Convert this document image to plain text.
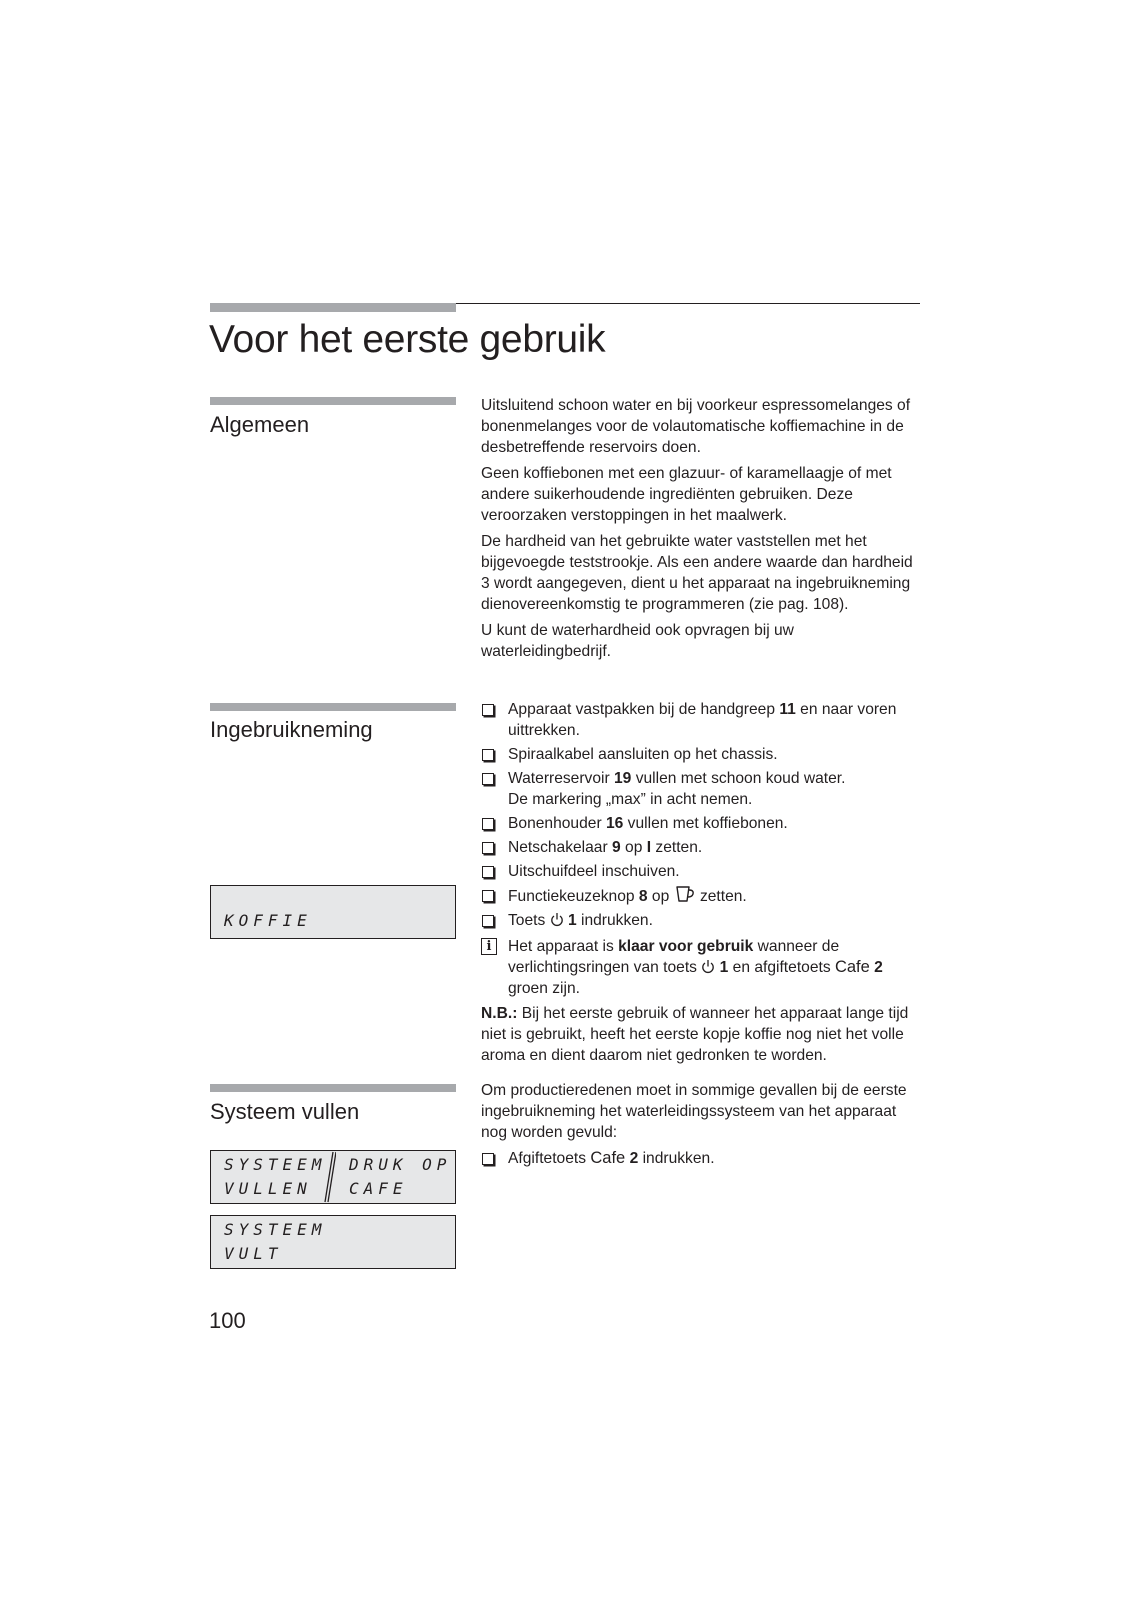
Voor het eerste gebruik
Algemeen

Uitsluitend schoon water en bij voorkeur espressomelanges of bonenmelanges voor de volautomatische koffiemachine in de desbetreffende reservoirs doen.

Geen koffiebonen met een glazuur- of karamellaagje of met andere suikerhoudende ingrediënten gebruiken. Deze veroorzaken verstoppingen in het maalwerk.

De hardheid van het gebruikte water vaststellen met het bijgevoegde teststrookje. Als een andere waarde dan hardheid 3 wordt aangegeven, dient u het apparaat na ingebruikneming dienovereenkomstig te programmeren (zie pag. 108).

U kunt de waterhardheid ook opvragen bij uw waterleidingbedrijf.

Ingebruikneming
KOFFIE
Apparaat vastpakken bij de handgreep 11 en naar voren uittrekken.
Spiraalkabel aansluiten op het chassis.
Waterreservoir 19 vullen met schoon koud water.
De markering „max” in acht nemen.
Bonenhouder 16 vullen met koffiebonen.
Netschakelaar 9 op I zetten.
Uitschuifdeel inschuiven.
Functiekeuzeknop 8 op  zetten.
Toets  1 indrukken.
i	Het apparaat is klaar voor gebruik wanneer de verlichtingsringen van toets  1 en afgiftetoets Cafe 2 groen zijn.

N.B.: Bij het eerste gebruik of wanneer het apparaat lange tijd niet is gebruikt, heeft het eerste kopje koffie nog niet het volle aroma en dient daarom niet gedronken te worden.

Systeem vullen

Om productieredenen moet in sommige gevallen bij de eerste ingebruikneming het waterleidingssysteem van het apparaat nog worden gevuld:

Afgiftetoets Cafe 2 indrukken.
SYSTEEM
VULLEN
DRUK OP
CAFE
SYSTEEM
VULT
100
